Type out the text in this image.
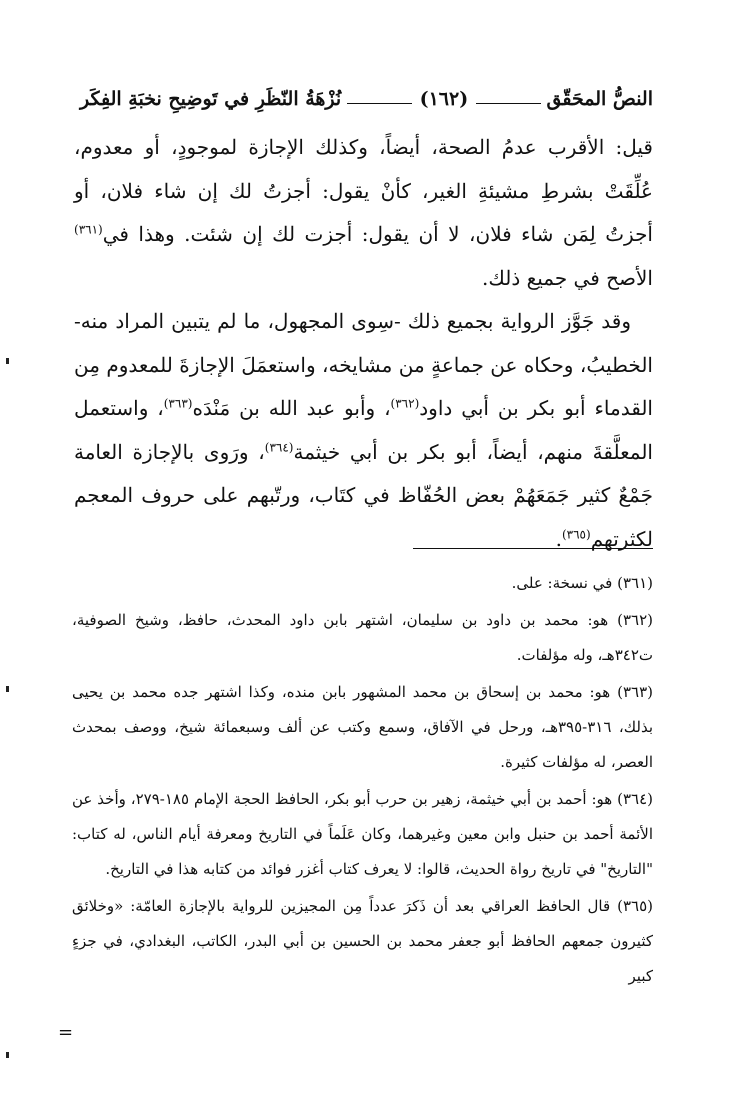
النصُّ المحَقّق
(١٦٢)
نُزْهَةُ النّظَرِ في تَوضِيحِ نخبَةِ الفِكَر

قيل: الأقرب عدمُ الصحة، أيضاً، وكذلك الإجازة لموجودٍ، أو معدوم، عُلِّقَتْ بشرطِ مشيئةِ الغير، كأنْ يقول: أجزتُ لك إن شاء فلان، أو أجزتُ لِمَن شاء فلان، لا أن يقول: أجزت لك إن شئت. وهذا في$^{(٣٦١)}$ الأصح في جميع ذلك.

وقد جَوَّز الرواية بجميع ذلك -سِوى المجهول، ما لم يتبين المراد منه- الخطيبُ، وحكاه عن جماعةٍ من مشايخه، واستعمَلَ الإجازةَ للمعدوم مِن القدماء أبو بكر بن أبي داود$^{(٣٦٢)}$، وأبو عبد الله بن مَنْدَه$^{(٣٦٣)}$، واستعمل المعلَّقةَ منهم، أيضاً، أبو بكر بن أبي خيثمة$^{(٣٦٤)}$، ورَوى بالإجازة العامة جَمْعٌ كثير جَمَعَهُمْ بعض الحُفّاظ في كتَاب، ورتّبهم على حروف المعجم لكثرتهم$^{(٣٦٥)}$.

(٣٦١) في نسخة: على.

(٣٦٢) هو: محمد بن داود بن سليمان، اشتهر بابن داود المحدث، حافظ، وشيخ الصوفية، ت٣٤٢هـ، وله مؤلفات.

(٣٦٣) هو: محمد بن إسحاق بن محمد المشهور بابن منده، وكذا اشتهر جده محمد بن يحيى بذلك، ٣١٦-٣٩٥هـ، ورحل في الآفاق، وسمع وكتب عن ألف وسبعمائة شيخ، ووصف بمحدث العصر، له مؤلفات كثيرة.

(٣٦٤) هو: أحمد بن أبي خيثمة، زهير بن حرب أبو بكر، الحافظ الحجة الإمام ١٨٥-٢٧٩، وأخذ عن الأئمة أحمد بن حنبل وابن معين وغيرهما، وكان عَلَماً في التاريخ ومعرفة أيام الناس، له كتاب: "التاريخ" في تاريخ رواة الحديث، قالوا: لا يعرف كتاب أغزر فوائد من كتابه هذا في التاريخ.

(٣٦٥) قال الحافظ العراقي بعد أن ذَكرَ عدداً مِن المجيزين للرواية بالإجازة العامّة: «وخلائق كثيرون جمعهم الحافظ أبو جعفر محمد بن الحسين بن أبي البدر، الكاتب، البغدادي، في جزءٍ كبير

=
